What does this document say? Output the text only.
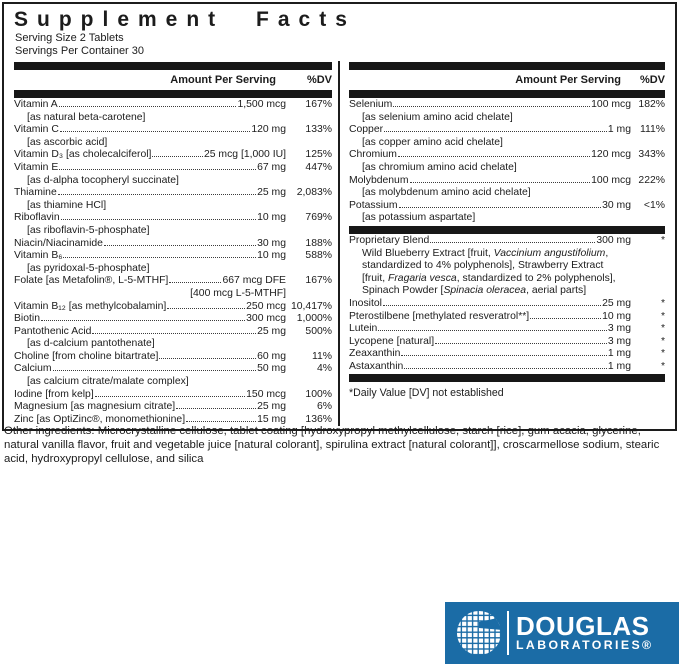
Supplement Facts
Serving Size 2 Tablets
Servings Per Container 30
Amount Per Serving	%DV
Vitamin A	1,500 mcg	167%
[as natural beta-carotene]
Vitamin C	120 mg	133%
[as ascorbic acid]
Vitamin D₃ [as cholecalciferol]	25 mcg [1,000 IU]	125%
Vitamin E	67 mg	447%
[as d-alpha tocopheryl succinate]
Thiamine	25 mg	2,083%
[as thiamine HCl]
Riboflavin	10 mg	769%
[as riboflavin-5-phosphate]
Niacin/Niacinamide	30 mg	188%
Vitamin B₆	10 mg	588%
[as pyridoxal-5-phosphate]
Folate [as Metafolin®, L-5-MTHF]	667 mcg DFE	167%
[400 mcg L-5-MTHF]
Vitamin B₁₂ [as methylcobalamin]	250 mcg 10,417%
Biotin	300 mcg	1,000%
Pantothenic Acid	25 mg	500%
[as d-calcium pantothenate]
Choline [from choline bitartrate]	60 mg	11%
Calcium	50 mg	4%
[as calcium citrate/malate complex]
Iodine [from kelp]	150 mcg	100%
Magnesium [as magnesium citrate]	25 mg	6%
Zinc [as OptiZinc®, monomethionine]	15 mg	136%
Amount Per Serving	%DV
Selenium	100 mcg 182%
[as selenium amino acid chelate]
Copper	1 mg 111%
[as copper amino acid chelate]
Chromium	120 mcg 343%
[as chromium amino acid chelate]
Molybdenum	100 mcg 222%
[as molybdenum amino acid chelate]
Potassium	30 mg	<1%
[as potassium aspartate]
Proprietary Blend	300 mg	*
Wild Blueberry Extract [fruit, Vaccinium angustifolium, standardized to 4% polyphenols], Strawberry Extract [fruit, Fragaria vesca, standardized to 2% polyphenols], Spinach Powder [Spinacia oleracea, aerial parts]
Inositol	25 mg	*
Pterostilbene [methylated resveratrol**]	10 mg	*
Lutein	3 mg	*
Lycopene [natural]	3 mg	*
Zeaxanthin	1 mg	*
Astaxanthin	1 mg	*
*Daily Value [DV] not established
Other ingredients: Microcrystalline cellulose, tablet coating [hydroxypropyl methylcellulose, starch [rice], gum acacia, glycerine, natural vanilla flavor, fruit and vegetable juice [natural colorant], spirulina extract [natural colorant]], croscarmellose sodium, stearic acid, hydroxypropyl cellulose, and silica
DOUGLAS
LABORATORIES®
